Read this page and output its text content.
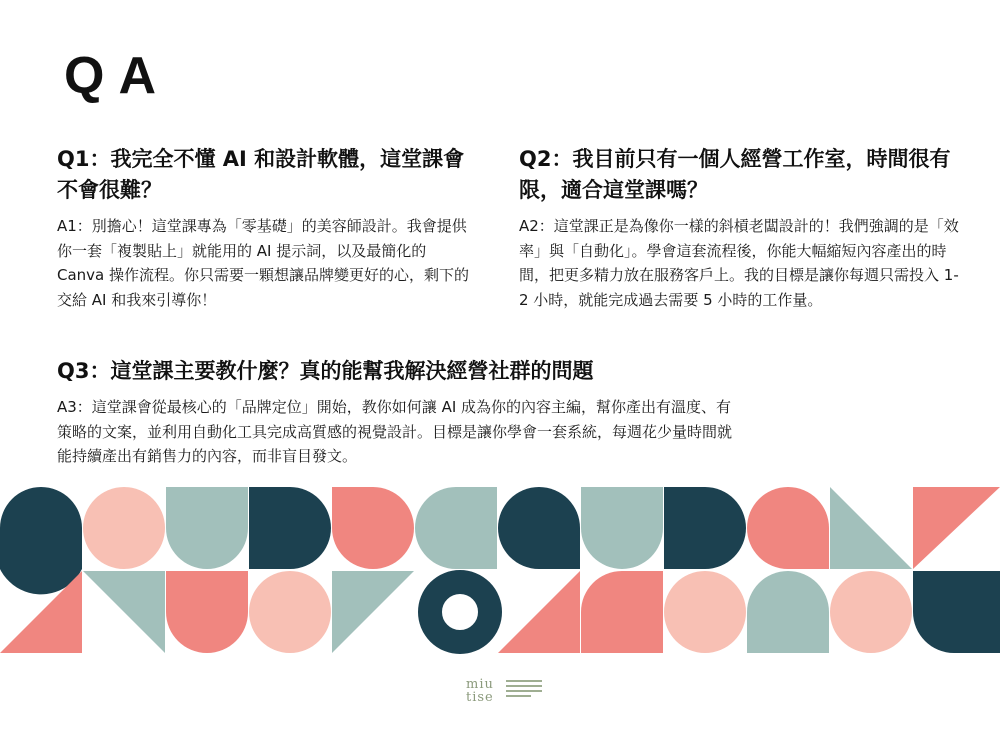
QA

Q1：我完全不懂 AI 和設計軟體，這堂課會不會很難？

A1：別擔心！這堂課專為「零基礎」的美容師設計。我會提供你一套「複製貼上」就能用的 AI 提示詞，以及最簡化的 Canva 操作流程。你只需要一顆想讓品牌變更好的心，剩下的交給 AI 和我來引導你！

Q2：我目前只有一個人經營工作室，時間很有限，適合這堂課嗎？

A2：這堂課正是為像你一樣的斜槓老闆設計的！我們強調的是「效率」與「自動化」。學會這套流程後，你能大幅縮短內容產出的時間，把更多精力放在服務客戶上。我的目標是讓你每週只需投入 1-2 小時，就能完成過去需要 5 小時的工作量。

Q3：這堂課主要教什麼？真的能幫我解決經營社群的問題

A3：這堂課會從最核心的「品牌定位」開始，教你如何讓 AI 成為你的內容主編，幫你產出有溫度、有策略的文案，並利用自動化工具完成高質感的視覺設計。目標是讓你學會一套系統，每週花少量時間就能持續產出有銷售力的內容，而非盲目發文。

miu tise
